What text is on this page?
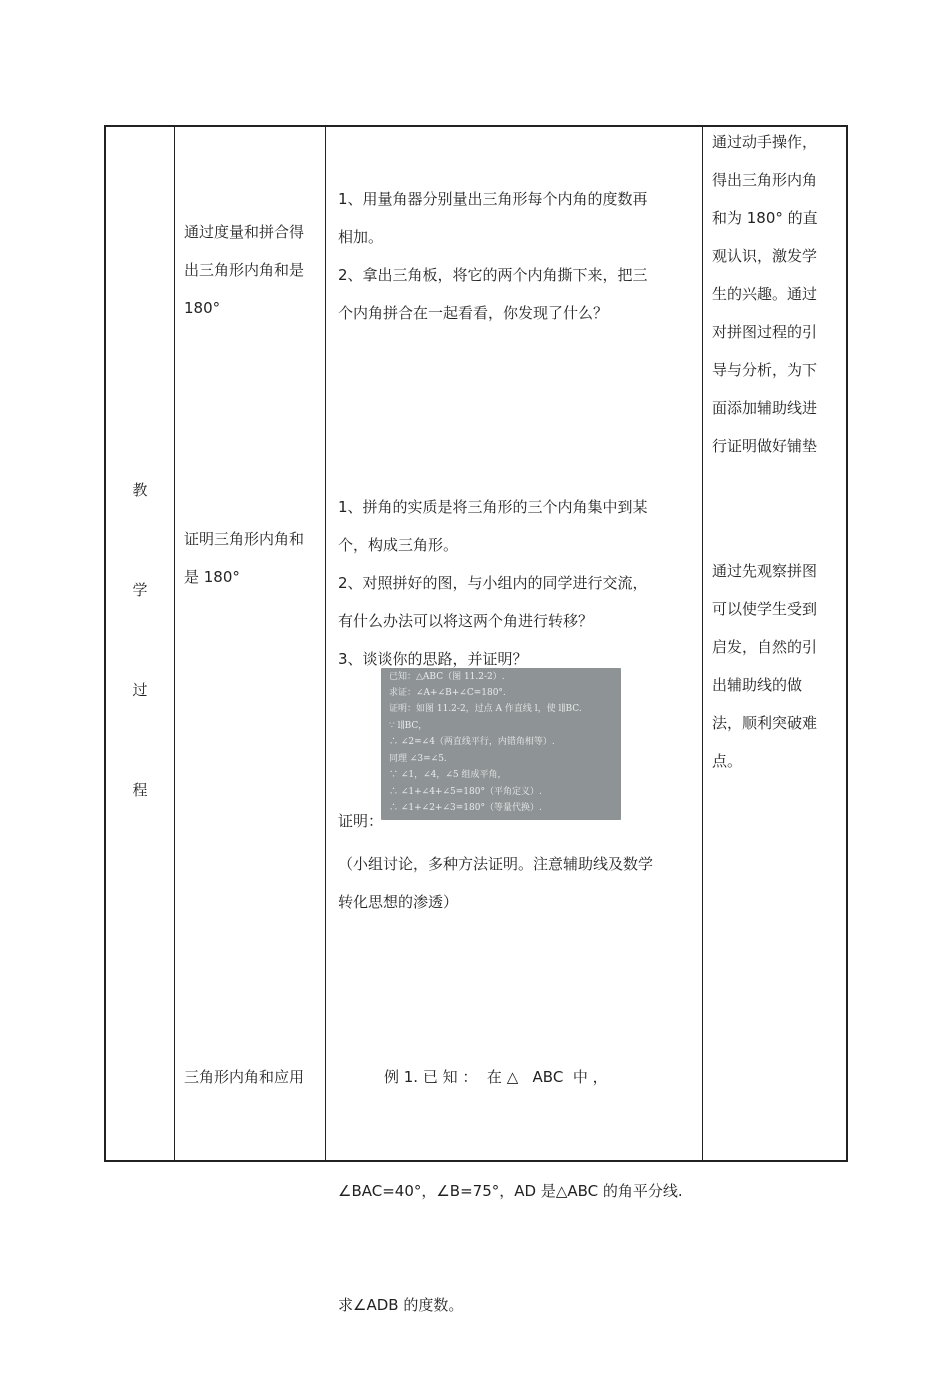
教
学
过
程

通过度量和拼合得

出三角形内角和是

180°

1、用量角器分别量出三角形每个内角的度数再

相加。

2、拿出三角板，将它的两个内角撕下来，把三

个内角拼合在一起看看，你发现了什么？

通过动手操作，

得出三角形内角

和为 180° 的直

观认识，激发学

生的兴趣。通过

对拼图过程的引

导与分析，为下

面添加辅助线进

行证明做好铺垫

证明三角形内角和

是 180°

1、拼角的实质是将三角形的三个内角集中到某

个，构成三角形。

2、对照拼好的图，与小组内的同学进行交流，

有什么办法可以将这两个角进行转移？

3、谈谈你的思路，并证明？

已知：△ABC（图 11.2-2）.
求证：∠A+∠B+∠C=180°.
证明：如图 11.2-2，过点 A 作直线 l，使 l∥BC.
∵ l∥BC，
∴ ∠2=∠4（两直线平行，内错角相等）.
同理 ∠3=∠5.
∵ ∠1，∠4，∠5 组成平角，
∴ ∠1+∠4+∠5=180°（平角定义）.
∴ ∠1+∠2+∠3=180°（等量代换）.
证明：

（小组讨论，多种方法证明。注意辅助线及数学

转化思想的渗透）

通过先观察拼图

可以使学生受到

启发，自然的引

出辅助线的做

法，顺利突破难

点。

三角形内角和应用

	例 1. 已 知 ：  在 △   ABC  中 ，

∠BAC=40°，∠B=75°，AD 是△ABC 的角平分线.

求∠ADB 的度数。
